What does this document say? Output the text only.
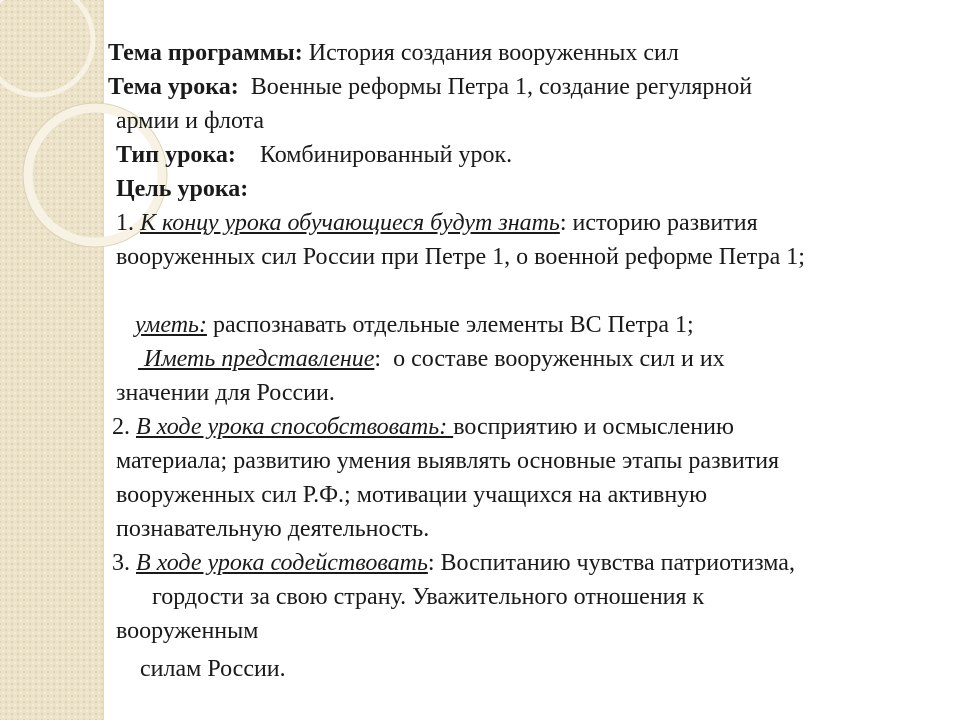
Тема программы: История создания вооруженных сил
Тема урока:  Военные реформы Петра 1, создание регулярной
армии и флота
Тип урока:    Комбинированный урок.
Цель урока:
1. К концу урока обучающиеся будут знать: историю развития
вооруженных сил России при Петре 1, о военной реформе Петра 1;
уметь: распознавать отдельные элементы ВС Петра 1;
Иметь представление:  о составе вооруженных сил и их
значении для России.
2. В ходе урока способствовать: восприятию и осмыслению
материала; развитию умения выявлять основные этапы развития
вооруженных сил Р.Ф.; мотивации учащихся на активную
познавательную деятельность.
3. В ходе урока содействовать: Воспитанию чувства патриотизма,
гордости за свою страну. Уважительного отношения к
вооруженным
силам России.
